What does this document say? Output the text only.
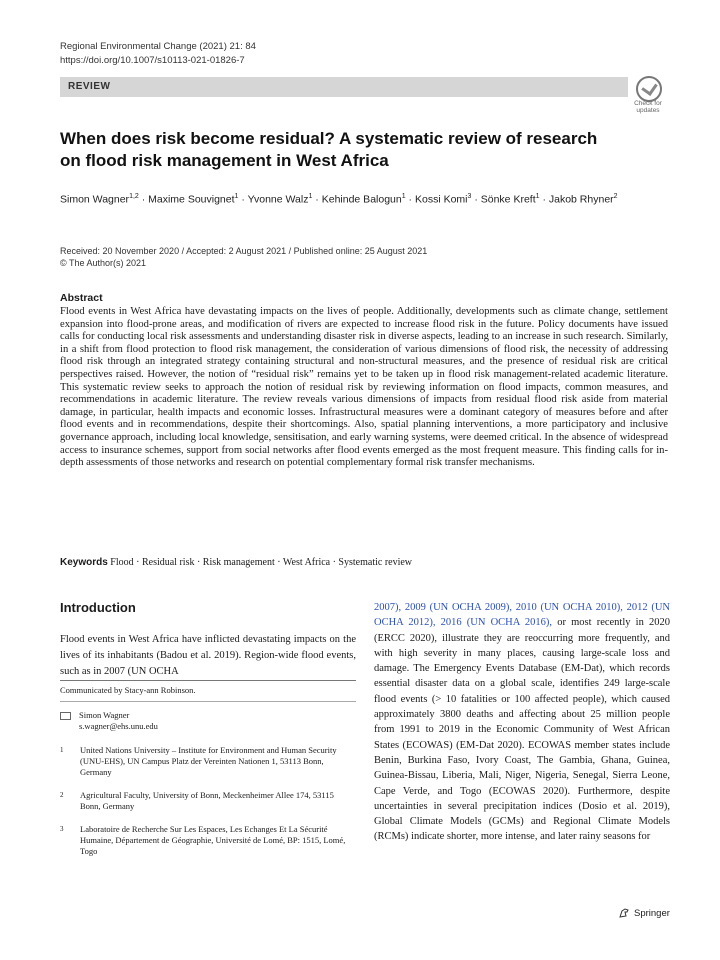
Regional Environmental Change (2021) 21: 84
https://doi.org/10.1007/s10113-021-01826-7
REVIEW
Check for
updates
When does risk become residual? A systematic review of research on flood risk management in West Africa
Simon Wagner$^{1,2}$ · Maxime Souvignet$^1$ · Yvonne Walz$^1$ · Kehinde Balogun$^1$ · Kossi Komi$^3$ · Sönke Kreft$^1$ · Jakob Rhyner$^2$
Received: 20 November 2020 / Accepted: 2 August 2021 / Published online: 25 August 2021
© The Author(s) 2021
Abstract
Flood events in West Africa have devastating impacts on the lives of people. Additionally, developments such as climate change, settlement expansion into flood-prone areas, and modification of rivers are expected to increase flood risk in the future. Policy documents have issued calls for conducting local risk assessments and understanding disaster risk in diverse aspects, leading to an increase in such research. Similarly, in a shift from flood protection to flood risk management, the consideration of various dimensions of flood risk, the necessity of addressing flood risk through an integrated strategy containing structural and non-structural measures, and the presence of residual risk are critical perspectives raised. However, the notion of “residual risk” remains yet to be taken up in flood risk management-related academic literature. This systematic review seeks to approach the notion of residual risk by reviewing information on flood impacts, common measures, and recommendations in academic literature. The review reveals various dimensions of impacts from residual flood risk aside from material damage, in particular, health impacts and economic losses. Infrastructural measures were a dominant category of measures before and after flood events and in recommendations, despite their shortcomings. Also, spatial planning interventions, a more participatory and inclusive governance approach, including local knowledge, sensitisation, and early warning systems, were deemed critical. In the absence of widespread access to insurance schemes, support from social networks after flood events emerged as the most frequent measure. This finding calls for in-depth assessments of those networks and research on potential complementary formal risk transfer mechanisms.
Keywords Flood · Residual risk · Risk management · West Africa · Systematic review
Introduction
Flood events in West Africa have inflicted devastating impacts on the lives of its inhabitants (Badou et al. 2019). Region-wide flood events, such as in 2007 (UN OCHA
Communicated by Stacy-ann Robinson.
Simon Wagner
s.wagner@ehs.unu.edu
1 United Nations University – Institute for Environment and Human Security (UNU-EHS), UN Campus Platz der Vereinten Nationen 1, 53113 Bonn, Germany
2 Agricultural Faculty, University of Bonn, Meckenheimer Allee 174, 53115 Bonn, Germany
3 Laboratoire de Recherche Sur Les Espaces, Les Echanges Et La Sécurité Humaine, Département de Géographie, Université de Lomé, BP: 1515, Lomé, Togo
2007), 2009 (UN OCHA 2009), 2010 (UN OCHA 2010), 2012 (UN OCHA 2012), 2016 (UN OCHA 2016), or most recently in 2020 (ERCC 2020), illustrate they are reoccurring more frequently, and with high severity in many places, causing large-scale loss and damage. The Emergency Events Database (EM-Dat), which records essential disaster data on a global scale, identifies 249 large-scale flood events (> 10 fatalities or 100 affected people), which caused approximately 3800 deaths and affecting about 25 million people from 1991 to 2019 in the Economic Community of West African States (ECOWAS) (EM-Dat 2020). ECOWAS member states include Benin, Burkina Faso, Ivory Coast, The Gambia, Ghana, Guinea, Guinea-Bissau, Liberia, Mali, Niger, Nigeria, Senegal, Sierra Leone, Cape Verde, and Togo (ECOWAS 2020). Furthermore, despite uncertainties in several precipitation indices (Dosio et al. 2019), Global Climate Models (GCMs) and Regional Climate Models (RCMs) indicate shorter, more intense, and later rainy seasons for
Springer
